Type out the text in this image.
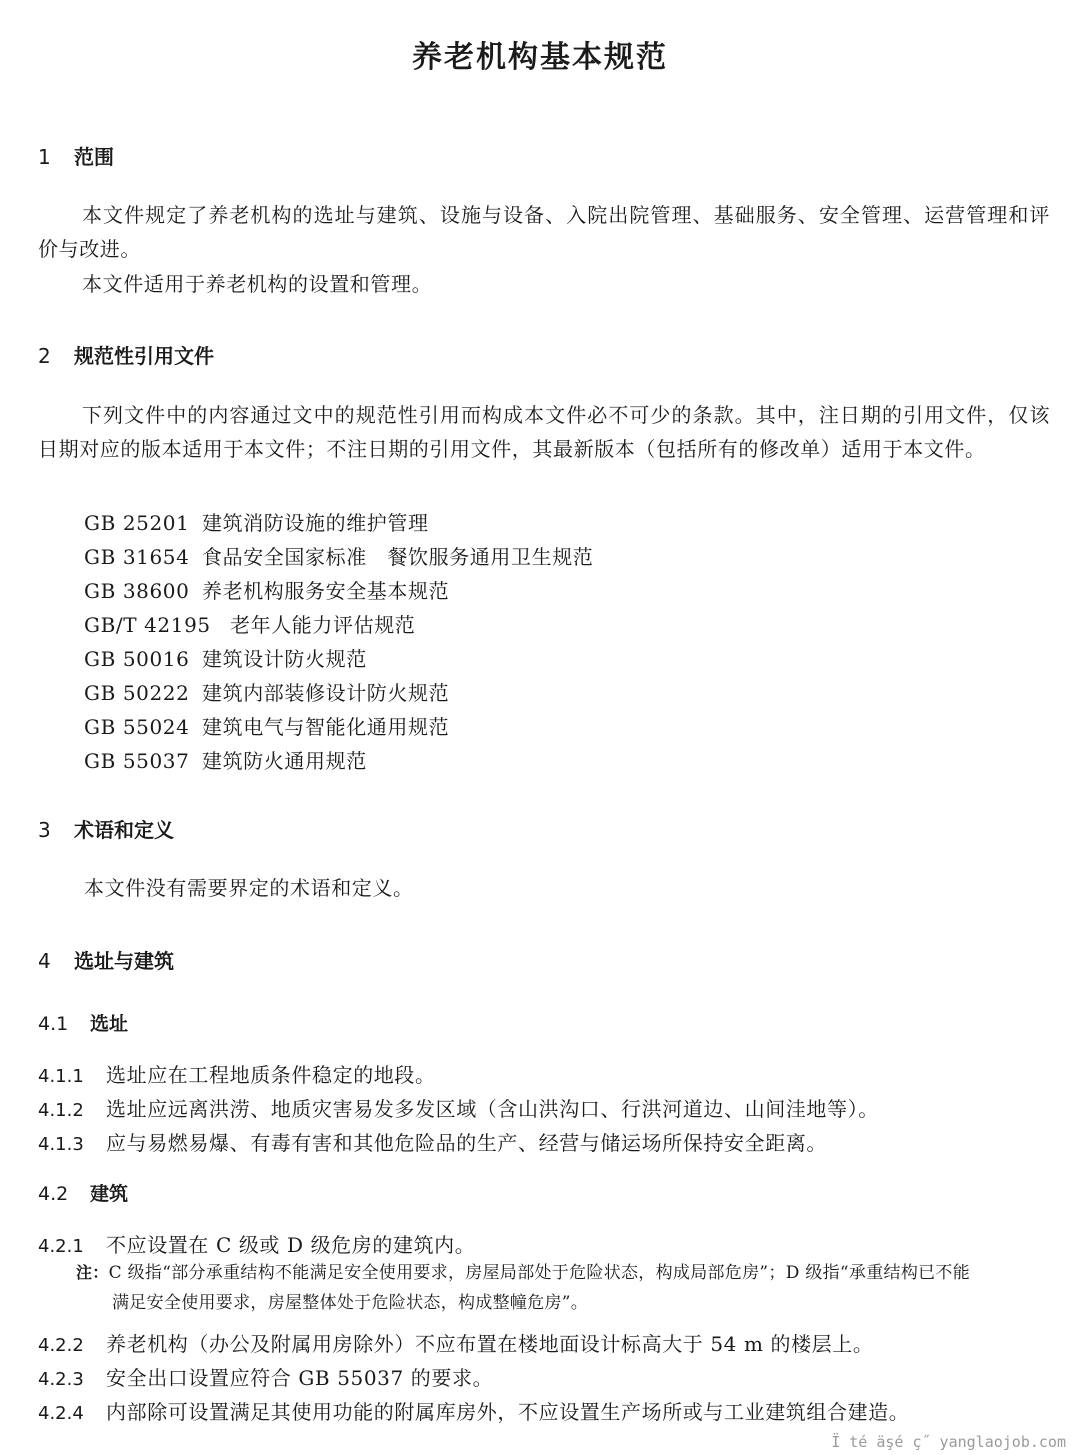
养老机构基本规范
1 范围
本文件规定了养老机构的选址与建筑、设施与设备、入院出院管理、基础服务、安全管理、运营管理和评价与改进。
本文件适用于养老机构的设置和管理。
2 规范性引用文件
下列文件中的内容通过文中的规范性引用而构成本文件必不可少的条款。其中，注日期的引用文件，仅该日期对应的版本适用于本文件；不注日期的引用文件，其最新版本（包括所有的修改单）适用于本文件。
GB 25201 建筑消防设施的维护管理
GB 31654 食品安全国家标准　餐饮服务通用卫生规范
GB 38600 养老机构服务安全基本规范
GB/T 42195 老年人能力评估规范
GB 50016 建筑设计防火规范
GB 50222 建筑内部装修设计防火规范
GB 55024 建筑电气与智能化通用规范
GB 55037 建筑防火通用规范
3 术语和定义
本文件没有需要界定的术语和定义。
4 选址与建筑
4.1 选址
4.1.1 选址应在工程地质条件稳定的地段。
4.1.2 选址应远离洪涝、地质灾害易发多发区域（含山洪沟口、行洪河道边、山间洼地等）。
4.1.3 应与易燃易爆、有毒有害和其他危险品的生产、经营与储运场所保持安全距离。
4.2 建筑
4.2.1 不应设置在 C 级或 D 级危房的建筑内。
注：C 级指“部分承重结构不能满足安全使用要求，房屋局部处于危险状态，构成局部危房”；D 级指“承重结构已不能
满足安全使用要求，房屋整体处于危险状态，构成整幢危房”。
4.2.2 养老机构（办公及附属用房除外）不应布置在楼地面设计标高大于 54 m 的楼层上。
4.2.3 安全出口设置应符合 GB 55037 的要求。
4.2.4 内部除可设置满足其使用功能的附属库房外，不应设置生产场所或与工业建筑组合建造。
Ï té äşé ç˝ yanglaojob.com
